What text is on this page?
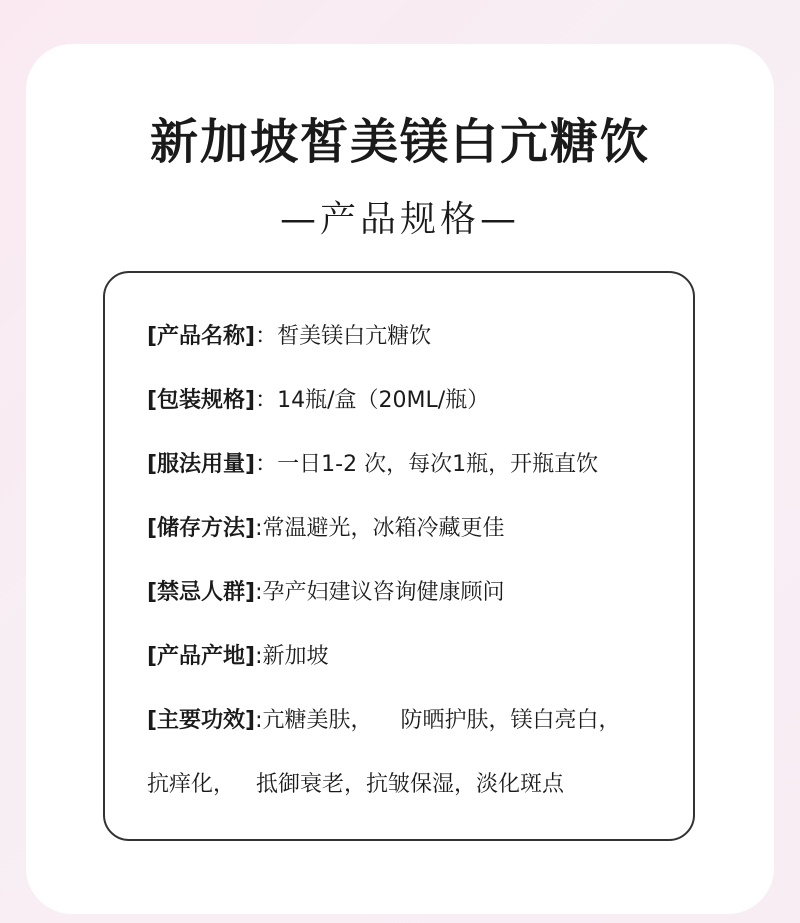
新加坡皙美镁白亢糖饮
—产品规格—
[产品名称]：皙美镁白亢糖饮
[包装规格]：14瓶/盒（20ML/瓶）
[服法用量]：一日1-2 次，每次1瓶，开瓶直饮
[储存方法]:常温避光，冰箱冷藏更佳
[禁忌人群]:孕产妇建议咨询健康顾问
[产品产地]:新加坡
[主要功效]:亢糖美肤，    防晒护肤，镁白亮白，
抗痒化，   抵御衰老，抗皱保湿，淡化斑点
